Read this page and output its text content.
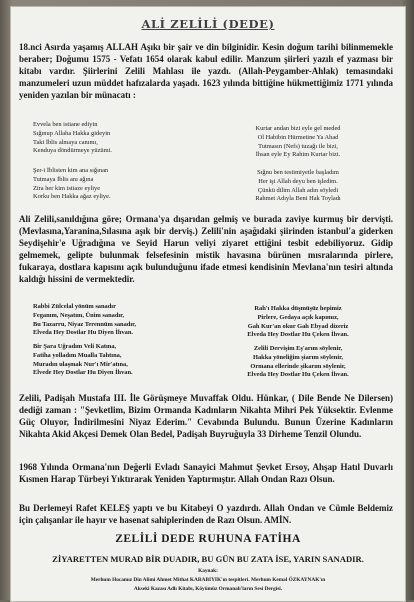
ALİ ZELİLİ (DEDE)
18.nci Asırda yaşamış ALLAH Aşıkı bir şair ve din bilginidir. Kesin doğum tarihi bilinmemekle beraber; Doğumu 1575 - Vefatı 1654 olarak kabul edilir. Manzum şiirleri yazılı ef yazması bir kitabı vardır. Şiirlerini Zelili Mahlası ile yazdı. (Allah-Peygamber-Ahlak) temasındaki manzumeleri uzun müddet hafızalarda yaşadı. 1623 yılında bittiğine hükmettiğimiz 1771 yılında yeniden yazılan bir münacatı :
Evvela ben istiane ediyin
Sığınup Allaha Hakka gideyin
Taki İblis almaya canımı,
Kenduya döndürmeye yüzümi.
Kurtar andan bizi eyle gel meded
Ol Habibin Hürmetine Ya Ahad
Tutmasın (Nefs) tuzağı ile bizi,
İhsan eyle Ey Rahim Kurtar bizi.
Şer-i İblisten kim ana sığınan
Tutmaya İblis anı ağına
Zira her kim istiaze eyliye
Korku ben Hakka ağaz eyliye.
Sığnu ben testimiyetle başladım
Her işi Allah deyu ben işledim.
Çünkü dilim Allah adın söyledi
Rahmet Adıyla Beni Hak Toyladı
Ali Zelili,sanıldığına göre; Ormana'ya dışarıdan gelmiş ve burada zaviye kurmuş bir dervişti. (Mevlasına,Yaranina,Sılasına aşık bir derviş.) Zelili'nin aşağıdaki şiirinden istanbul'a giderken Seydişehir'e Uğradığına ve Seyid Harun veliyi ziyaret ettiğini tesbit edebiliyoruz. Gidip gelmemek, gelipte bulunmak felsefesinin mistik havasına bürünen mısralarında pirlere, fukaraya, dostlara kapısını açık bulunduğunu ifade etmesi kendisinin Mevlana'nın tesiri altında kaldığı hissini de vermektedir.
Rabbi Zülcelal yönüm sanadır
Feganım, Neşatım, Ünim sanadır,
Bu Tazarru, Niyaz Terennüm sanadır,
Elveda Hey Dostlar Hu Diyen İhvan.
Rah'ı Hakka düşmüşüz hepimiz
Pirlere, Gedaya açık kapımız,
Gah Kur'an okur Gah Ebyad dizeriz
Elveda Hey Dostlar Hu Çeken İhvan.
Bir Şara Uğradım Veli Katına,
Fatiha yolladım Mualla Tahtına,
Muradın ulaşmak Nur'ı Mir'atına,
Elvede Hey Dostlar Hu Diyen İhvan.
Zelili Dervişim Eş'arım söylenir,
Hakka yöneliğim şiarım söylenir,
Ormana ellerinde şikarım söylenir,
Elveda Hey Dostlar Hu Çeken İhvan.
Zelili, Padişah Mustafa III. İle Görüşmeye Muvaffak Oldu. Hünkar, ( Dile Bende Ne Dilersen) dediği zaman : "Şevketlim, Bizim Ormanda Kadınların Nikahta Mihri Pek Yüksektir. Evlenme Güç Oluyor, İndirilmesini Niyaz Ederim." Cevabında Bulundu. Bunun Üzerine Kadınların Nikahta Akid Akçesi Demek Olan Bedel, Padişah Buyruğuyla 33 Dirheme Tenzil Olundu.
1968 Yılında Ormana'nın Değerli Evladı Sanayici Mahmut Şevket Ersoy, Ahşap Hatıl Duvarlı Kısmen Harap Türbeyi Yıktırarak Yeniden Yaptırmıştır. Allah Ondan Razı Olsun.
Bu Derlemeyi Rafet KELEŞ yaptı ve bu Kitabeyi O yazdırdı. Allah Ondan ve Cümle Beldemiz için çalışanlar ile hayır ve hasenat sahiplerinden de Razı Olsun. AMİN.
ZELİLİ DEDE RUHUNA FATİHA
ZİYARETTEN MURAD BİR DUADIR, BU GÜN BU ZATA İSE, YARIN SANADIR.
Kaynak:
Merhum Hocamız Din Alimi Ahmet Mithat KARABIYIK'ın tespitleri. Merhum Kemal ÖZKAYNAK'ın
Akseki Kazası Adlı Kitabı, Köyümüz Ormanalı'ların Sesi Dergisi.
